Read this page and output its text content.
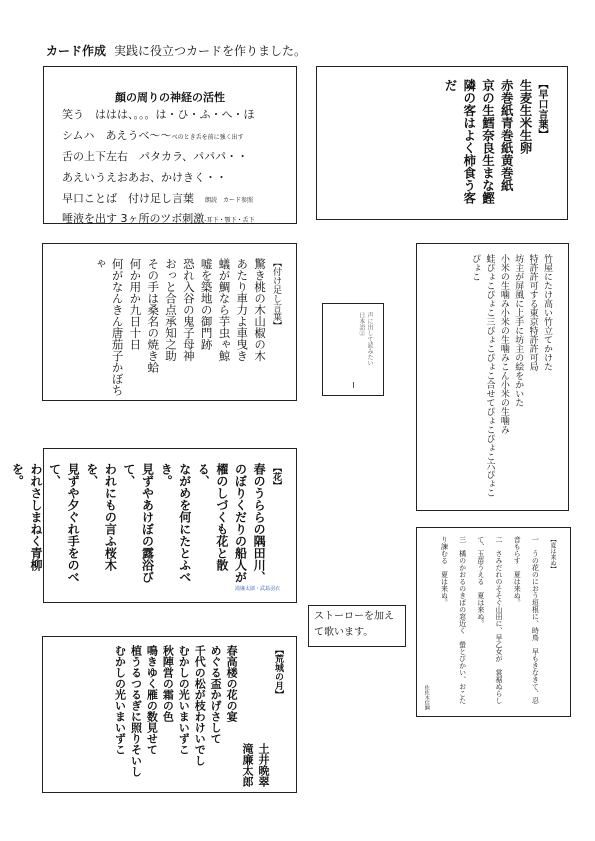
カード作成 実践に役立つカードを作りました。
顔の周りの神経の活性
笑う　ははは、。。。は・ひ・ふ・へ・ほ
シムハ　あえうべ〜〜べのとき舌を前に強く出す
舌の上下左右　パタカラ、パパパ・・
あえいうえおあお、かけきく・・
早口ことば　付け足し言葉　朗読　カード参照
唾液を出す 3ヶ所のツボ刺激-耳下・顎下・舌下
【早口言葉】
生麦生米生卵
赤巻紙青巻紙黄巻紙
京の生鱈奈良生まな鰹
隣の客はよく柿食う客だ
【付け足し言葉】
驚き桃の木山椒の木
あたり車力よ車曳き
蟻が鯛なら芋虫ゃ鯨
嘘を築地の御門跡
恐れ入谷の鬼子母神
おっと合点承知之助
その手は桑名の焼き蛤
何か用か九日十日
何がなんきん唐茄子かぼちゃ
声に出して読みたい日本語②	竹屋にたけ高い竹立てかけた
特許許可する東京特許許可局
坊主が屏風に上手に坊主の絵をかいた
小米の生噛み小米の生噛みこん小米の生噛み
蛙ぴょこぴょこ三ぴょこぴょこ合せてぴょこぴょこ六ぴょこぴょこ
【花】
春のうららの隅田川、
のぼりくだりの船人が
櫂のしづくも花と散る、
ながめを何にたとふべき。
見ずやあけぼの露浴びて、
われにもの言ふ桜木を、
見ずや夕ぐれ手をのべて、
われさしまねく青柳を。
滝廉太郎・武島羽衣
【夏は来ぬ】
一　うの花のにおう垣根に、時鳥　早もきなきて、忍音もらす　夏は来ぬ。
二　さみだれのそそぐ山田に、早乙女が　裳裾ぬらして、玉苗うえる　夏は来ぬ。
三　橘のかおるのきばの窓近く　螢とびかい、おこたり諫むる　夏は来ぬ。
佐佐木信綱
ストーローを加えて歌います。
【荒城の月】
土井晩翠
滝廉太郎
春高楼の花の宴
めぐる盃かげさして
千代の松が枝わけいでし
むかしの光いまいずこ
秋陣営の霜の色
鳴きゆく雁の数見せて
植うるつるぎに照りそいし
むかしの光いまいずこ
